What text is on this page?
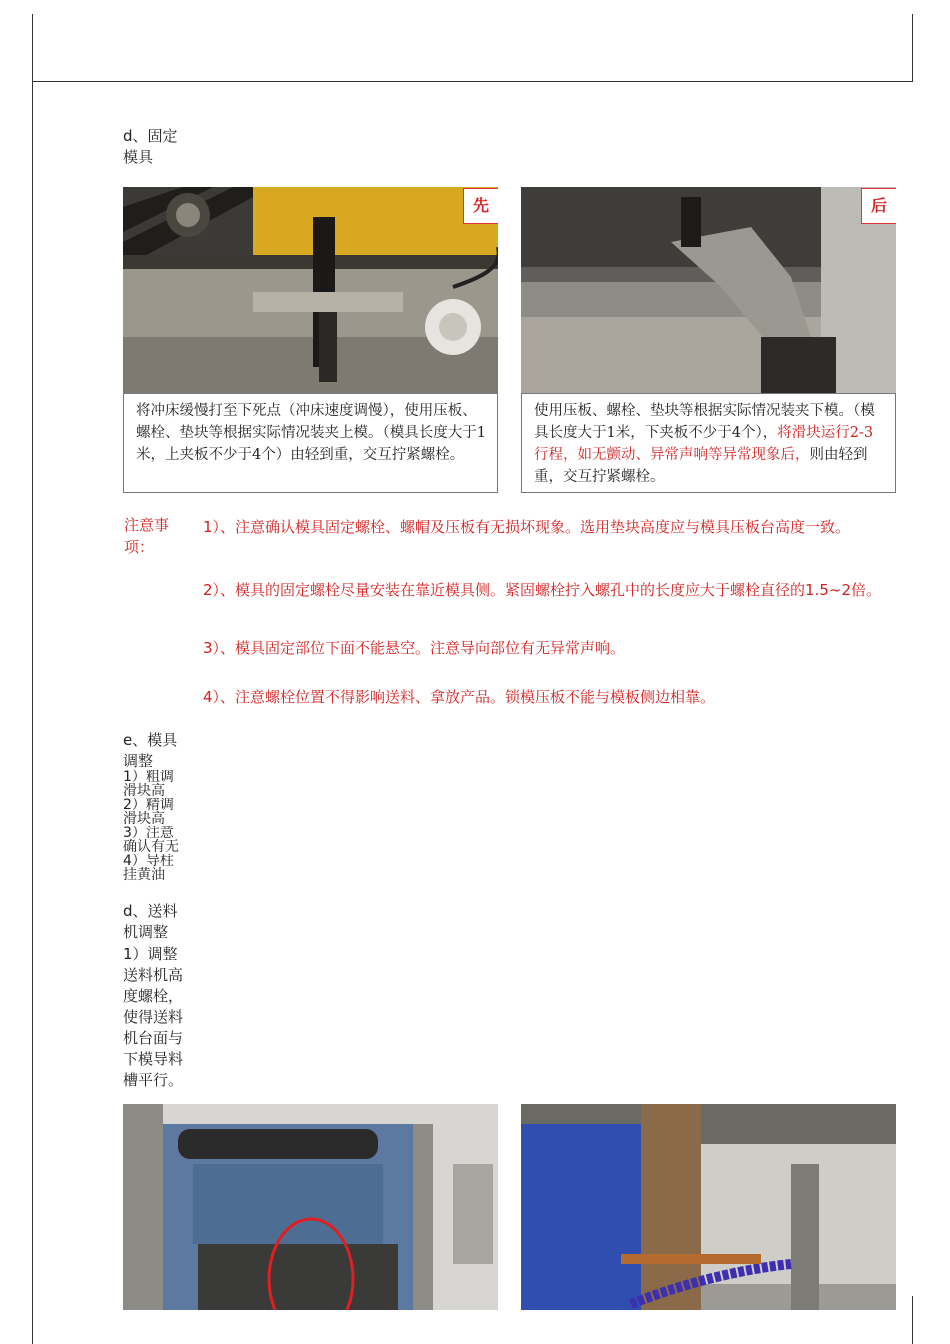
d、固定
模具
先
将冲床缓慢打至下死点（冲床速度调慢），使用压板、螺栓、垫块等根据实际情况装夹上模。（模具长度大于1米，上夹板不少于4个）由轻到重，交互拧紧螺栓。
后
使用压板、螺栓、垫块等根据实际情况装夹下模。（模具长度大于1米，下夹板不少于4个），将滑块运行2-3行程，如无颤动、异常声响等异常现象后，则由轻到重，交互拧紧螺栓。
注意事
项：
1）、注意确认模具固定螺栓、螺帽及压板有无损坏现象。选用垫块高度应与模具压板台高度一致。
2）、模具的固定螺栓尽量安装在靠近模具侧。紧固螺栓拧入螺孔中的长度应大于螺栓直径的1.5~2倍。
3）、模具固定部位下面不能悬空。注意导向部位有无异常声响。
4）、注意螺栓位置不得影响送料、拿放产品。锁模压板不能与模板侧边相靠。
e、模具
调整
1）粗调
滑块高
2）精调
滑块高
3）注意
确认有无
4）导柱
挂黄油
d、送料
机调整
1）调整
送料机高
度螺栓，
使得送料
机台面与
下模导料
槽平行。
